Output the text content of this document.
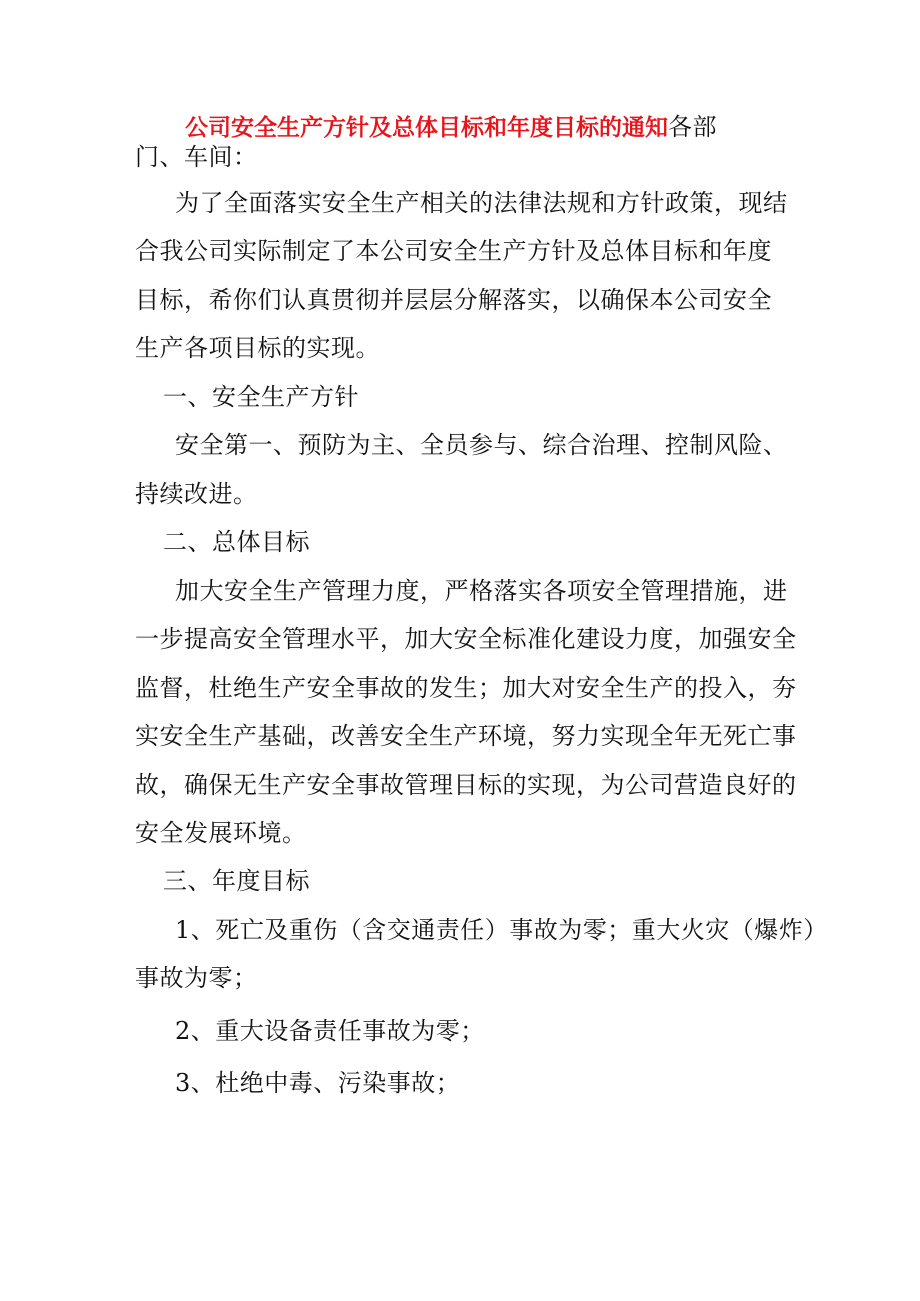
公司安全生产方针及总体目标和年度目标的通知各部
门、车间：
为了全面落实安全生产相关的法律法规和方针政策，现结
合我公司实际制定了本公司安全生产方针及总体目标和年度
目标，希你们认真贯彻并层层分解落实，以确保本公司安全
生产各项目标的实现。
一、安全生产方针
安全第一、预防为主、全员参与、综合治理、控制风险、
持续改进。
二、总体目标
加大安全生产管理力度，严格落实各项安全管理措施，进
一步提高安全管理水平，加大安全标准化建设力度，加强安全
监督，杜绝生产安全事故的发生；加大对安全生产的投入，夯
实安全生产基础，改善安全生产环境，努力实现全年无死亡事
故，确保无生产安全事故管理目标的实现，为公司营造良好的
安全发展环境。
三、年度目标
1、死亡及重伤（含交通责任）事故为零；重大火灾（爆炸）
事故为零；
2、重大设备责任事故为零；
3、杜绝中毒、污染事故；
